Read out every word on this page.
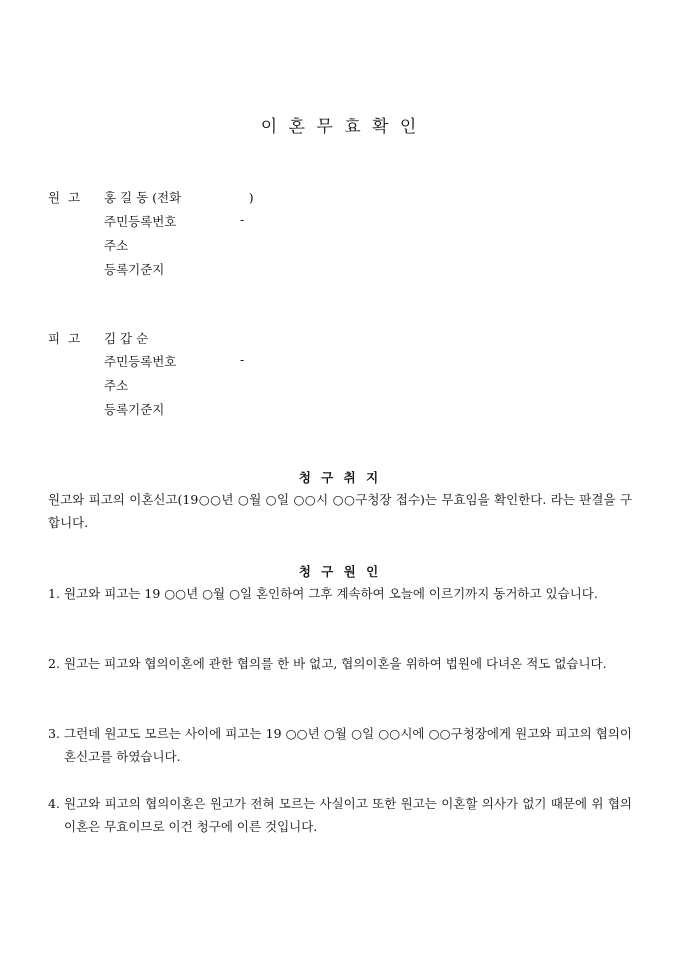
이 혼 무 효 확 인
원 고 홍 길 동 (전화                 )
주민등록번호	-
주소
등록기준지
피 고 김 갑 순
주민등록번호	-
주소
등록기준지
청 구 취 지
원고와 피고의 이혼신고(19○○년 ○월 ○일 ○○시 ○○구청장 접수)는 무효임을 확인한다. 라는 판결을 구합니다.
청 구 원 인
1. 원고와 피고는 19 ○○년 ○월 ○일 혼인하여 그후 계속하여 오늘에 이르기까지 동거하고 있습니다.
2. 원고는 피고와 협의이혼에 관한 협의를 한 바 없고, 협의이혼을 위하여 법원에 다녀온 적도 없습니다.
3. 그런데 원고도 모르는 사이에 피고는 19 ○○년 ○월 ○일 ○○시에 ○○구청장에게 원고와 피고의 협의이혼신고를 하였습니다.
4. 원고와 피고의 협의이혼은 원고가 전혀 모르는 사실이고 또한 원고는 이혼할 의사가 없기 때문에 위 협의이혼은 무효이므로 이건 청구에 이른 것입니다.
